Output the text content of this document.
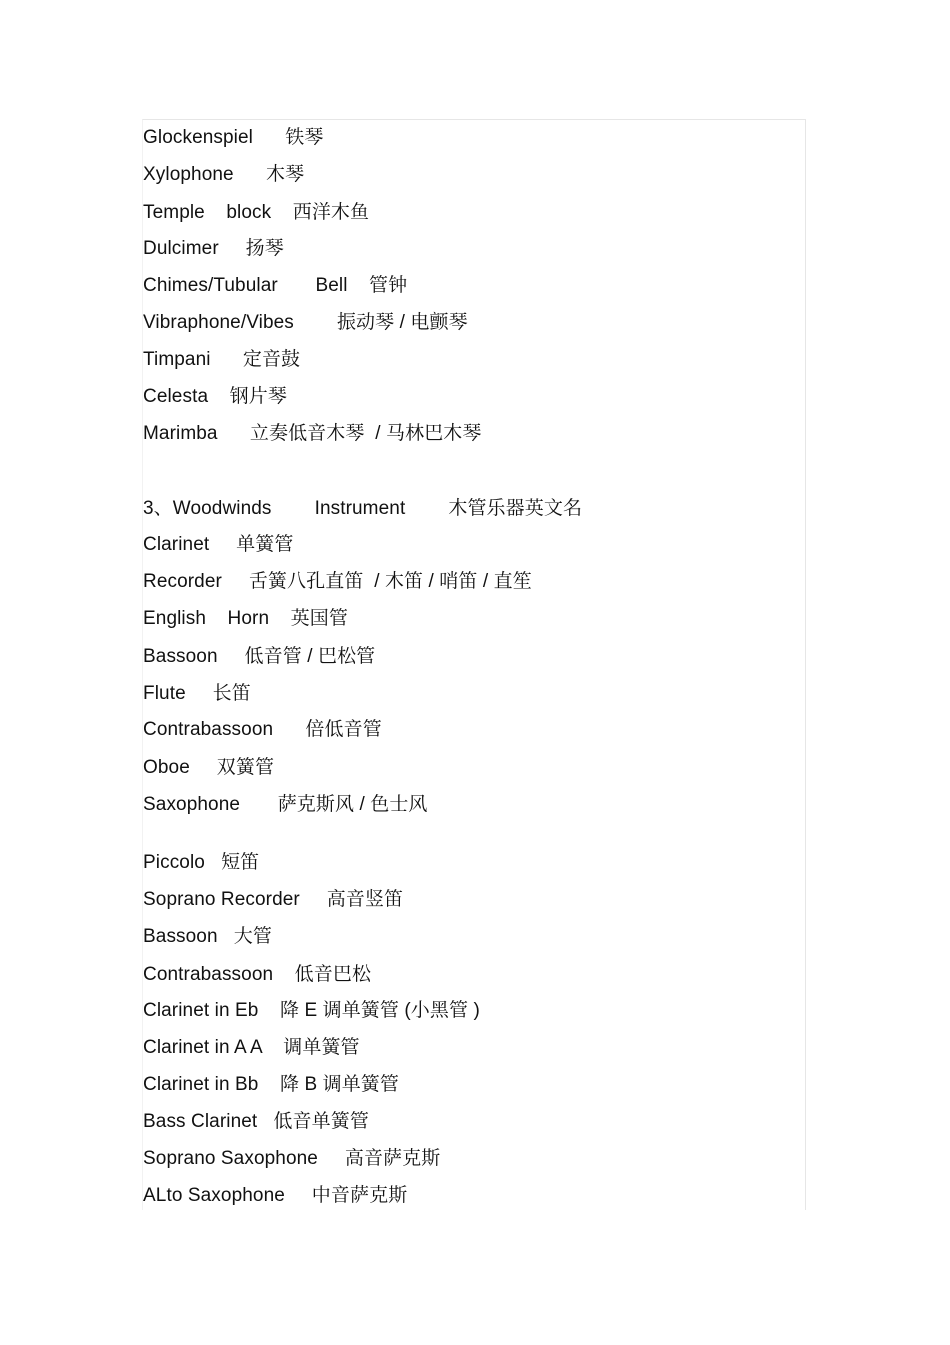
Glockenspiel      铁琴
Xylophone      木琴
Temple    block    西洋木鱼
Dulcimer     扬琴
Chimes/Tubular       Bell    管钟
Vibraphone/Vibes        振动琴 / 电颤琴
Timpani      定音鼓
Celesta    钢片琴
Marimba      立奏低音木琴  / 马林巴木琴
3、Woodwinds        Instrument        木管乐器英文名
Clarinet     单簧管
Recorder     舌簧八孔直笛  / 木笛 / 哨笛 / 直笙
English    Horn    英国管
Bassoon     低音管 / 巴松管
Flute     长笛
Contrabassoon      倍低音管
Oboe     双簧管
Saxophone       萨克斯风 / 色士风
Piccolo   短笛
Soprano Recorder     高音竖笛
Bassoon   大管
Contrabassoon    低音巴松
Clarinet in Eb    降 E 调单簧管 (小黑管 )
Clarinet in A A    调单簧管
Clarinet in Bb    降 B 调单簧管
Bass Clarinet   低音单簧管
Soprano Saxophone     高音萨克斯
ALto Saxophone     中音萨克斯
